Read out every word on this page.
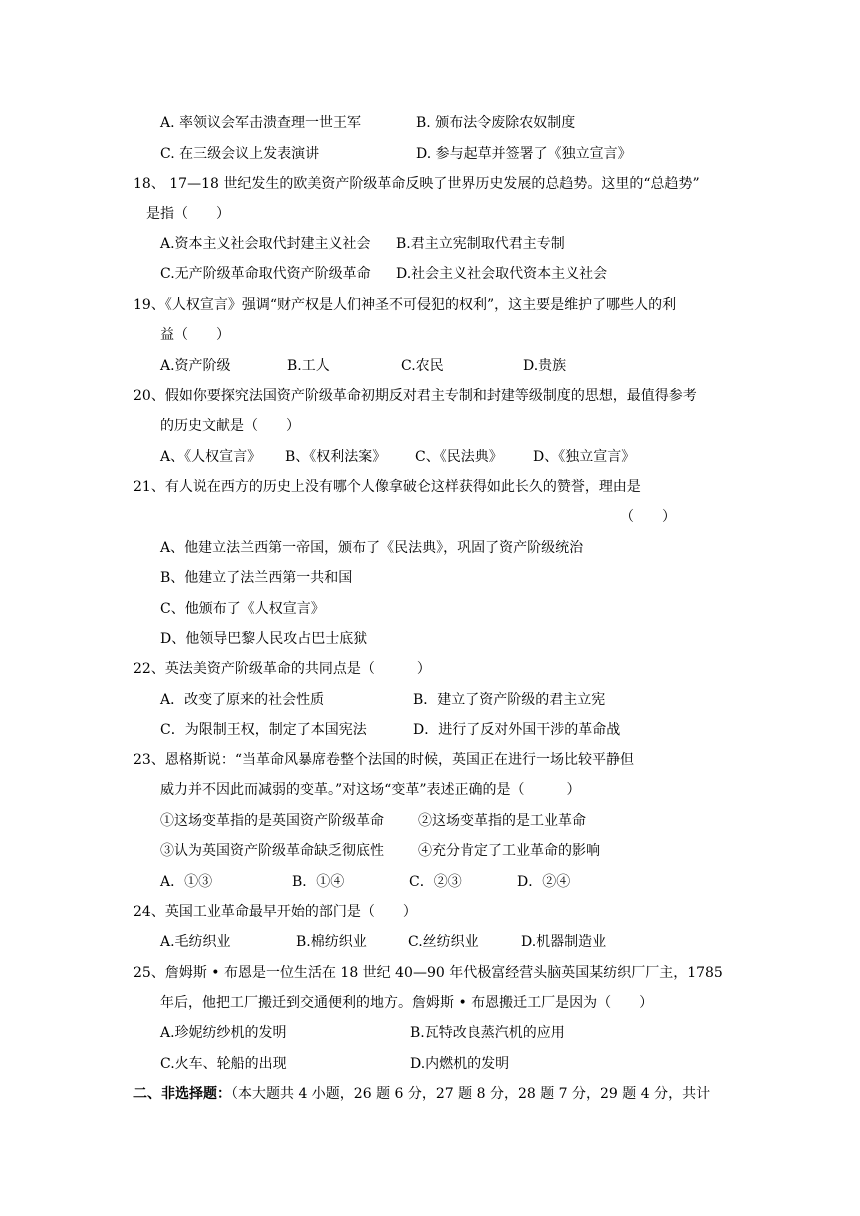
A. 率领议会军击溃查理一世王军	B. 颁布法令废除农奴制度
C. 在三级会议上发表演讲	D. 参与起草并签署了《独立宣言》
18、 17—18 世纪发生的欧美资产阶级革命反映了世界历史发展的总趋势。这里的“总趋势”
是指（　　）
A.资本主义社会取代封建主义社会 B.君主立宪制取代君主专制
C.无产阶级革命取代资产阶级革命 D.社会主义社会取代资本主义社会
19、《人权宣言》强调“财产权是人们神圣不可侵犯的权利”，这主要是维护了哪些人的利
益（　　）
A.资产阶级	B.工人	C.农民	D.贵族
20、假如你要探究法国资产阶级革命初期反对君主专制和封建等级制度的思想，最值得参考
的历史文献是（　　）
A、《人权宣言》 B、《权利法案》 C、《民法典》 D、《独立宣言》
21、有人说在西方的历史上没有哪个人像拿破仑这样获得如此长久的赞誉，理由是
（　　）
A、他建立法兰西第一帝国，颁布了《民法典》，巩固了资产阶级统治
B、他建立了法兰西第一共和国
C、他颁布了《人权宣言》
D、他领导巴黎人民攻占巴士底狱
22、英法美资产阶级革命的共同点是（　　　）
A．改变了原来的社会性质	B．建立了资产阶级的君主立宪
C．为限制王权，制定了本国宪法	D．进行了反对外国干涉的革命战
23、恩格斯说：“当革命风暴席卷整个法国的时候，英国正在进行一场比较平静但
威力并不因此而减弱的变革。”对这场“变革”表述正确的是（　　　）
①这场变革指的是英国资产阶级革命 ②这场变革指的是工业革命
③认为英国资产阶级革命缺乏彻底性 ④充分肯定了工业革命的影响
A．①③	B．①④	C．②③	D．②④
24、英国工业革命最早开始的部门是（　　）
A.毛纺织业	B.棉纺织业	C.丝纺织业	D.机器制造业
25、詹姆斯 • 布恩是一位生活在 18 世纪 40—90 年代极富经营头脑英国某纺织厂厂主，1785
年后，他把工厂搬迁到交通便利的地方。詹姆斯 • 布恩搬迁工厂是因为（　　）
A.珍妮纺纱机的发明	B.瓦特改良蒸汽机的应用
C.火车、轮船的出现	D.内燃机的发明
二、非选择题：（本大题共 4 小题，26 题 6 分，27 题 8 分，28 题 7 分，29 题 4 分，共计
